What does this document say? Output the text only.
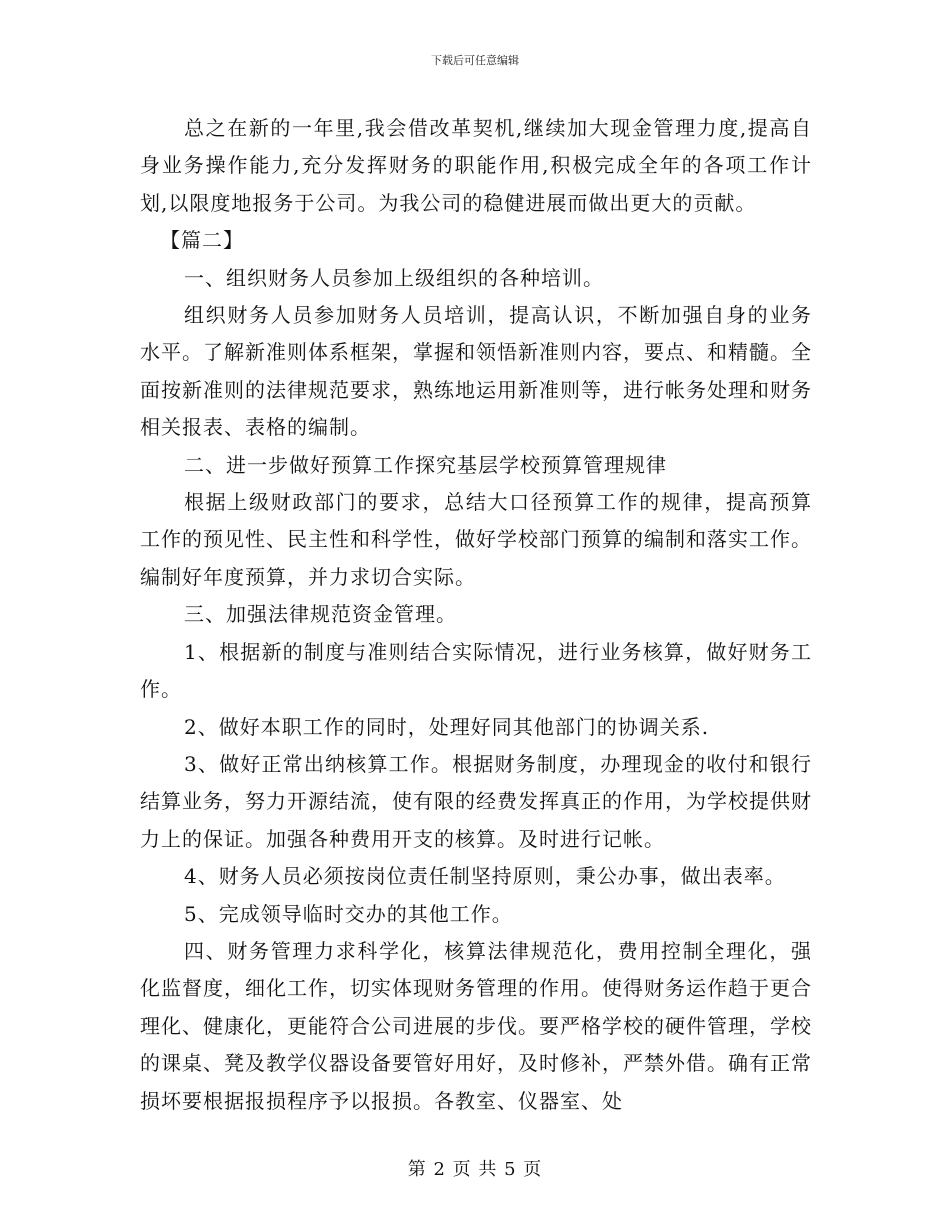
下载后可任意编辑

总之在新的一年里,我会借改革契机,继续加大现金管理力度,提高自身业务操作能力,充分发挥财务的职能作用,积极完成全年的各项工作计划,以限度地报务于公司。为我公司的稳健进展而做出更大的贡献。

【篇二】

一、组织财务人员参加上级组织的各种培训。

组织财务人员参加财务人员培训，提高认识，不断加强自身的业务水平。了解新准则体系框架，掌握和领悟新准则内容，要点、和精髓。全面按新准则的法律规范要求，熟练地运用新准则等，进行帐务处理和财务相关报表、表格的编制。

二、进一步做好预算工作探究基层学校预算管理规律

根据上级财政部门的要求，总结大口径预算工作的规律，提高预算工作的预见性、民主性和科学性，做好学校部门预算的编制和落实工作。编制好年度预算，并力求切合实际。

三、加强法律规范资金管理。

1、根据新的制度与准则结合实际情况，进行业务核算，做好财务工作。

2、做好本职工作的同时，处理好同其他部门的协调关系.

3、做好正常出纳核算工作。根据财务制度，办理现金的收付和银行结算业务，努力开源结流，使有限的经费发挥真正的作用，为学校提供财力上的保证。加强各种费用开支的核算。及时进行记帐。

4、财务人员必须按岗位责任制坚持原则，秉公办事，做出表率。

5、完成领导临时交办的其他工作。

四、财务管理力求科学化，核算法律规范化，费用控制全理化，强化监督度，细化工作，切实体现财务管理的作用。使得财务运作趋于更合理化、健康化，更能符合公司进展的步伐。要严格学校的硬件管理，学校的课桌、凳及教学仪器设备要管好用好，及时修补，严禁外借。确有正常损坏要根据报损程序予以报损。各教室、仪器室、处

第 2 页 共 5 页
